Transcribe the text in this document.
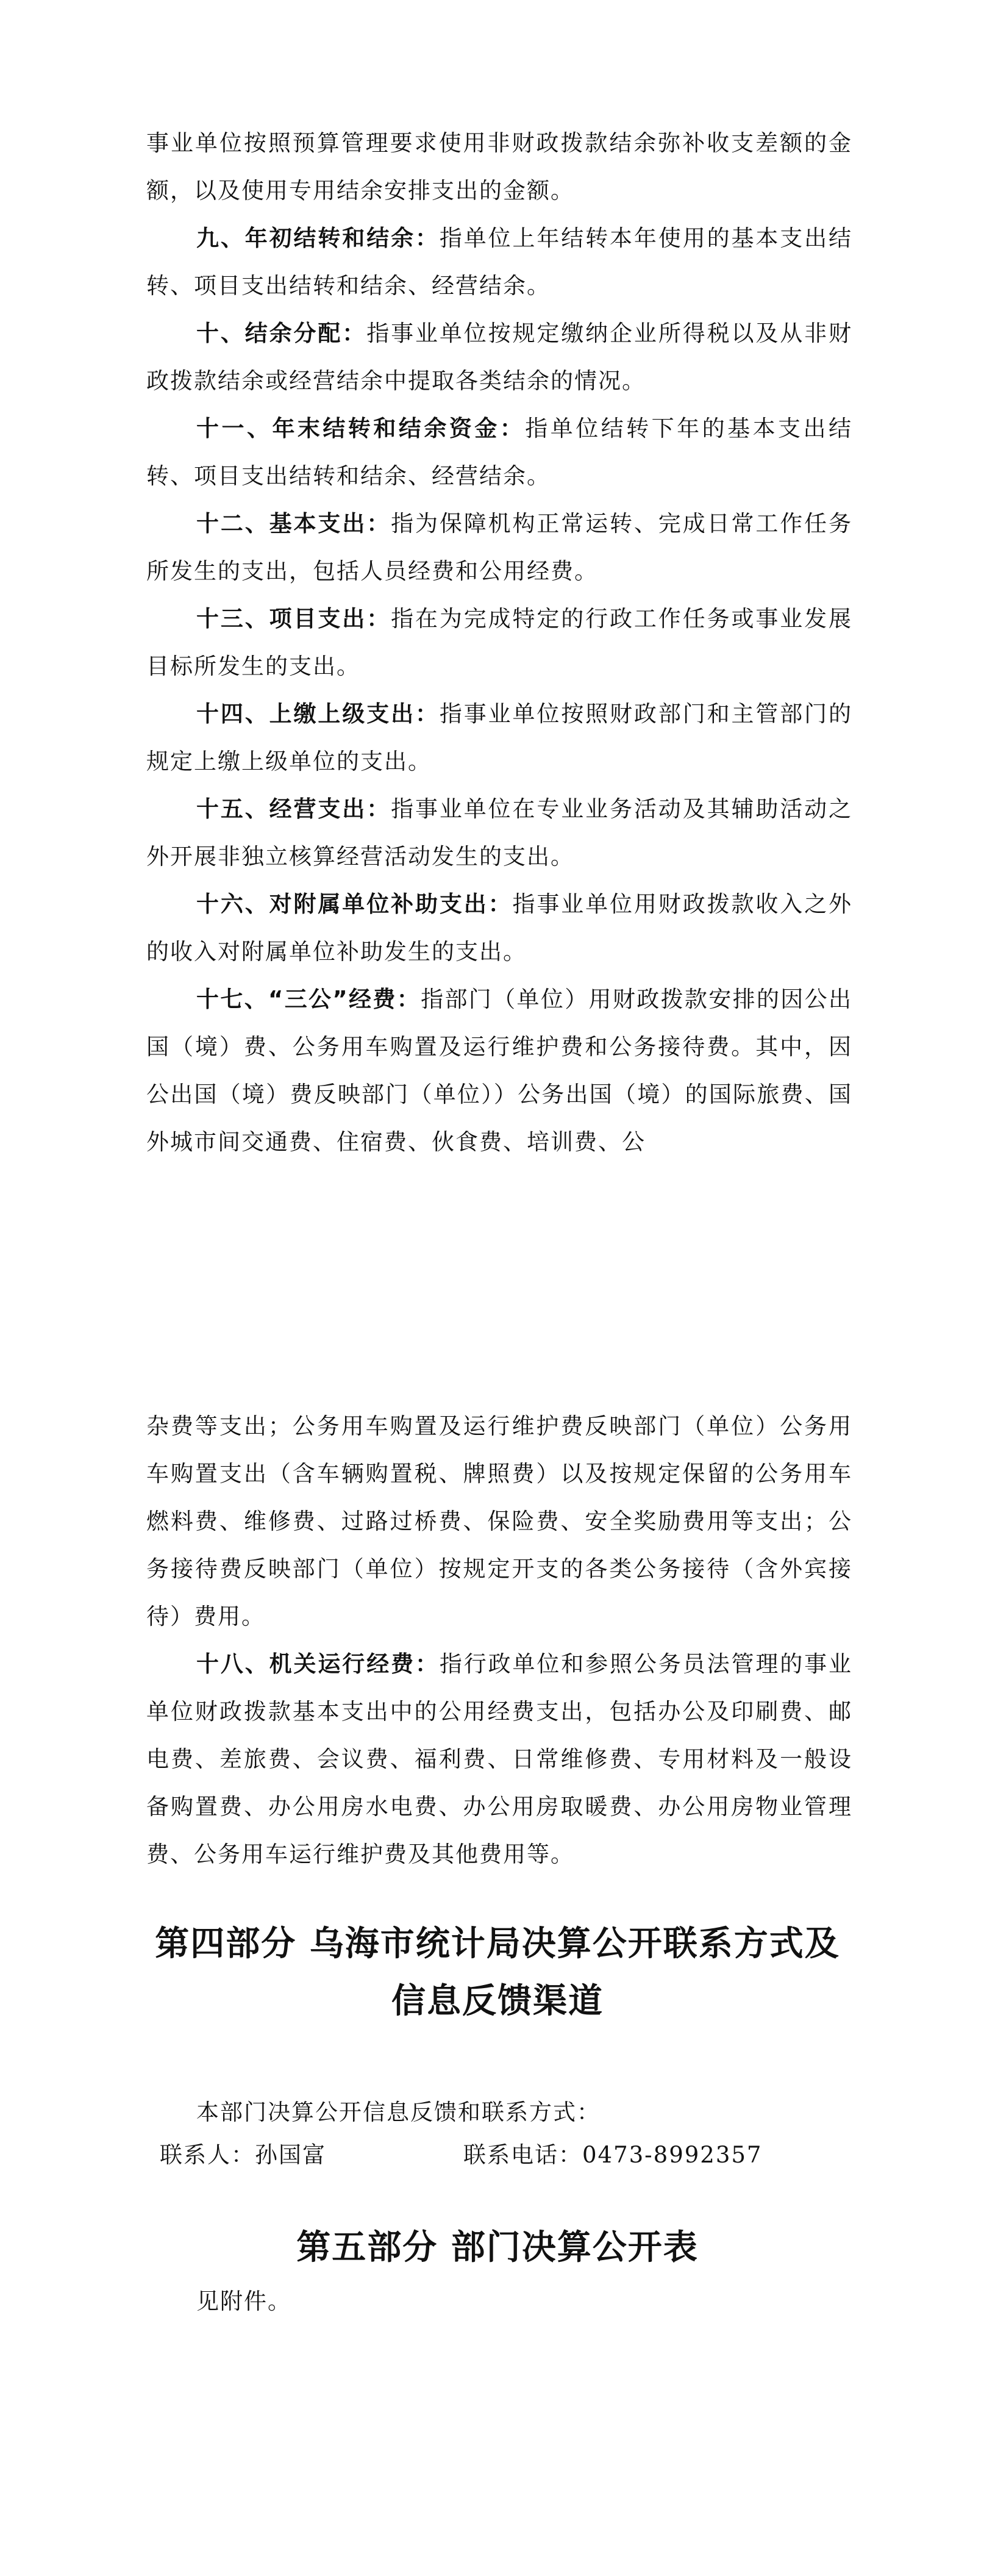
事业单位按照预算管理要求使用非财政拨款结余弥补收支差额的金额，以及使用专用结余安排支出的金额。

九、年初结转和结余：指单位上年结转本年使用的基本支出结转、项目支出结转和结余、经营结余。

十、结余分配：指事业单位按规定缴纳企业所得税以及从非财政拨款结余或经营结余中提取各类结余的情况。

十一、年末结转和结余资金：指单位结转下年的基本支出结转、项目支出结转和结余、经营结余。

十二、基本支出：指为保障机构正常运转、完成日常工作任务所发生的支出，包括人员经费和公用经费。

十三、项目支出：指在为完成特定的行政工作任务或事业发展目标所发生的支出。

十四、上缴上级支出：指事业单位按照财政部门和主管部门的规定上缴上级单位的支出。

十五、经营支出：指事业单位在专业业务活动及其辅助活动之外开展非独立核算经营活动发生的支出。

十六、对附属单位补助支出：指事业单位用财政拨款收入之外的收入对附属单位补助发生的支出。

十七、“三公”经费：指部门（单位）用财政拨款安排的因公出国（境）费、公务用车购置及运行维护费和公务接待费。其中，因公出国（境）费反映部门（单位））公务出国（境）的国际旅费、国外城市间交通费、住宿费、伙食费、培训费、公

杂费等支出；公务用车购置及运行维护费反映部门（单位）公务用车购置支出（含车辆购置税、牌照费）以及按规定保留的公务用车燃料费、维修费、过路过桥费、保险费、安全奖励费用等支出；公务接待费反映部门（单位）按规定开支的各类公务接待（含外宾接待）费用。

十八、机关运行经费：指行政单位和参照公务员法管理的事业单位财政拨款基本支出中的公用经费支出，包括办公及印刷费、邮电费、差旅费、会议费、福利费、日常维修费、专用材料及一般设备购置费、办公用房水电费、办公用房取暖费、办公用房物业管理费、公务用车运行维护费及其他费用等。

第四部分 乌海市统计局决算公开联系方式及

信息反馈渠道

本部门决算公开信息反馈和联系方式：

联系人：孙国富	联系电话：0473-8992357

第五部分 部门决算公开表

见附件。
